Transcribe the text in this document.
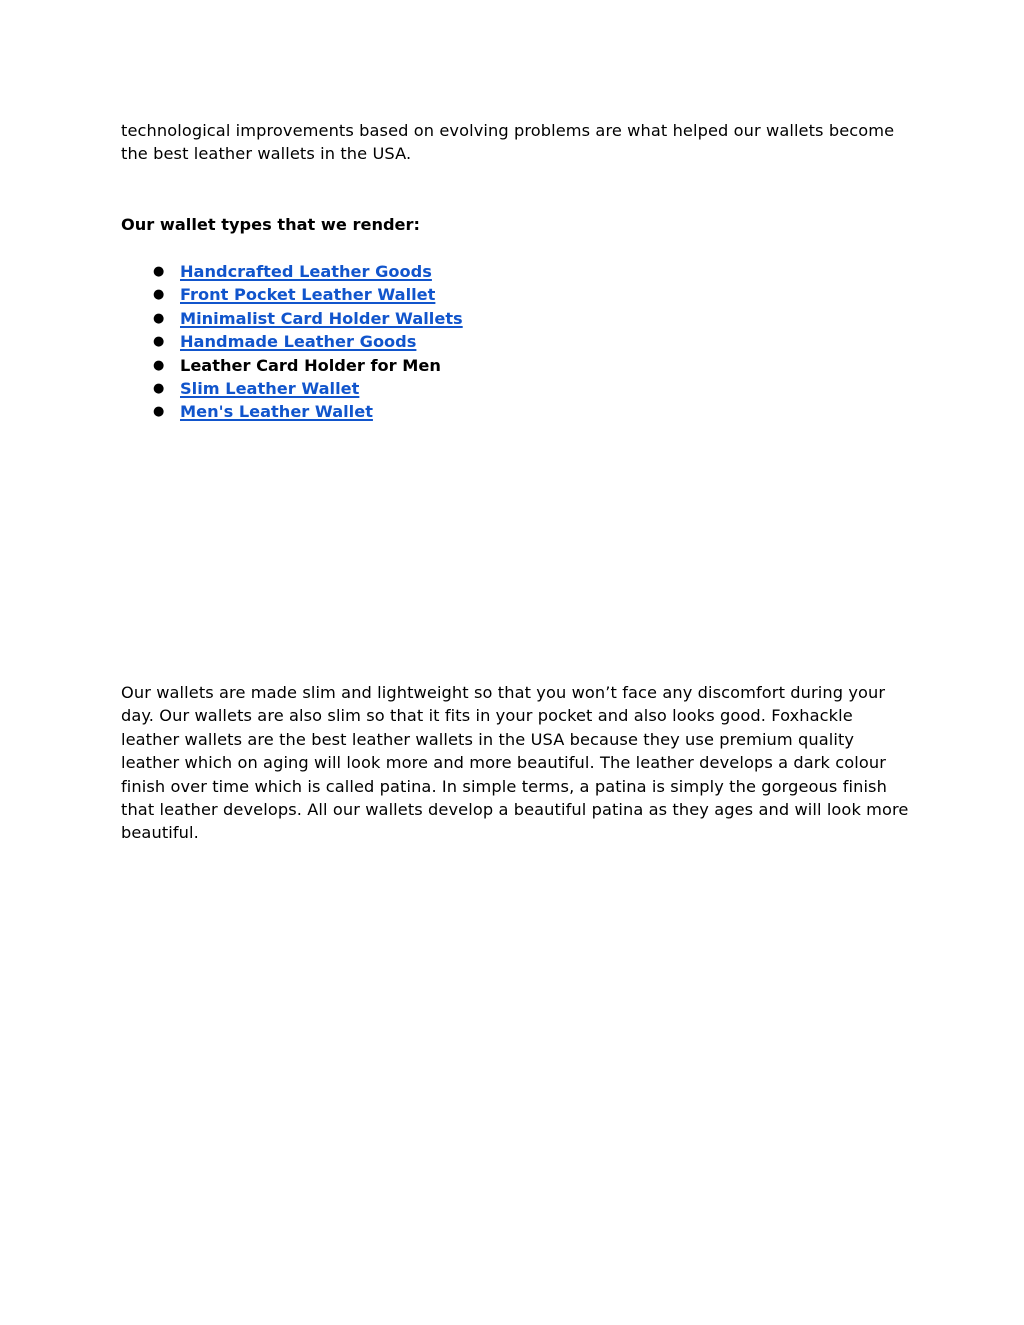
technological improvements based on evolving problems are what helped our wallets become the best leather wallets in the USA.

Our wallet types that we render:

● Handcrafted Leather Goods
● Front Pocket Leather Wallet
● Minimalist Card Holder Wallets
● Handmade Leather Goods
● Leather Card Holder for Men
● Slim Leather Wallet
● Men's Leather Wallet

Our wallets are made slim and lightweight so that you won’t face any discomfort during your day. Our wallets are also slim so that it fits in your pocket and also looks good. Foxhackle leather wallets are the best leather wallets in the USA because they use premium quality leather which on aging will look more and more beautiful. The leather develops a dark colour finish over time which is called patina. In simple terms, a patina is simply the gorgeous finish that leather develops. All our wallets develop a beautiful patina as they ages and will look more beautiful.
